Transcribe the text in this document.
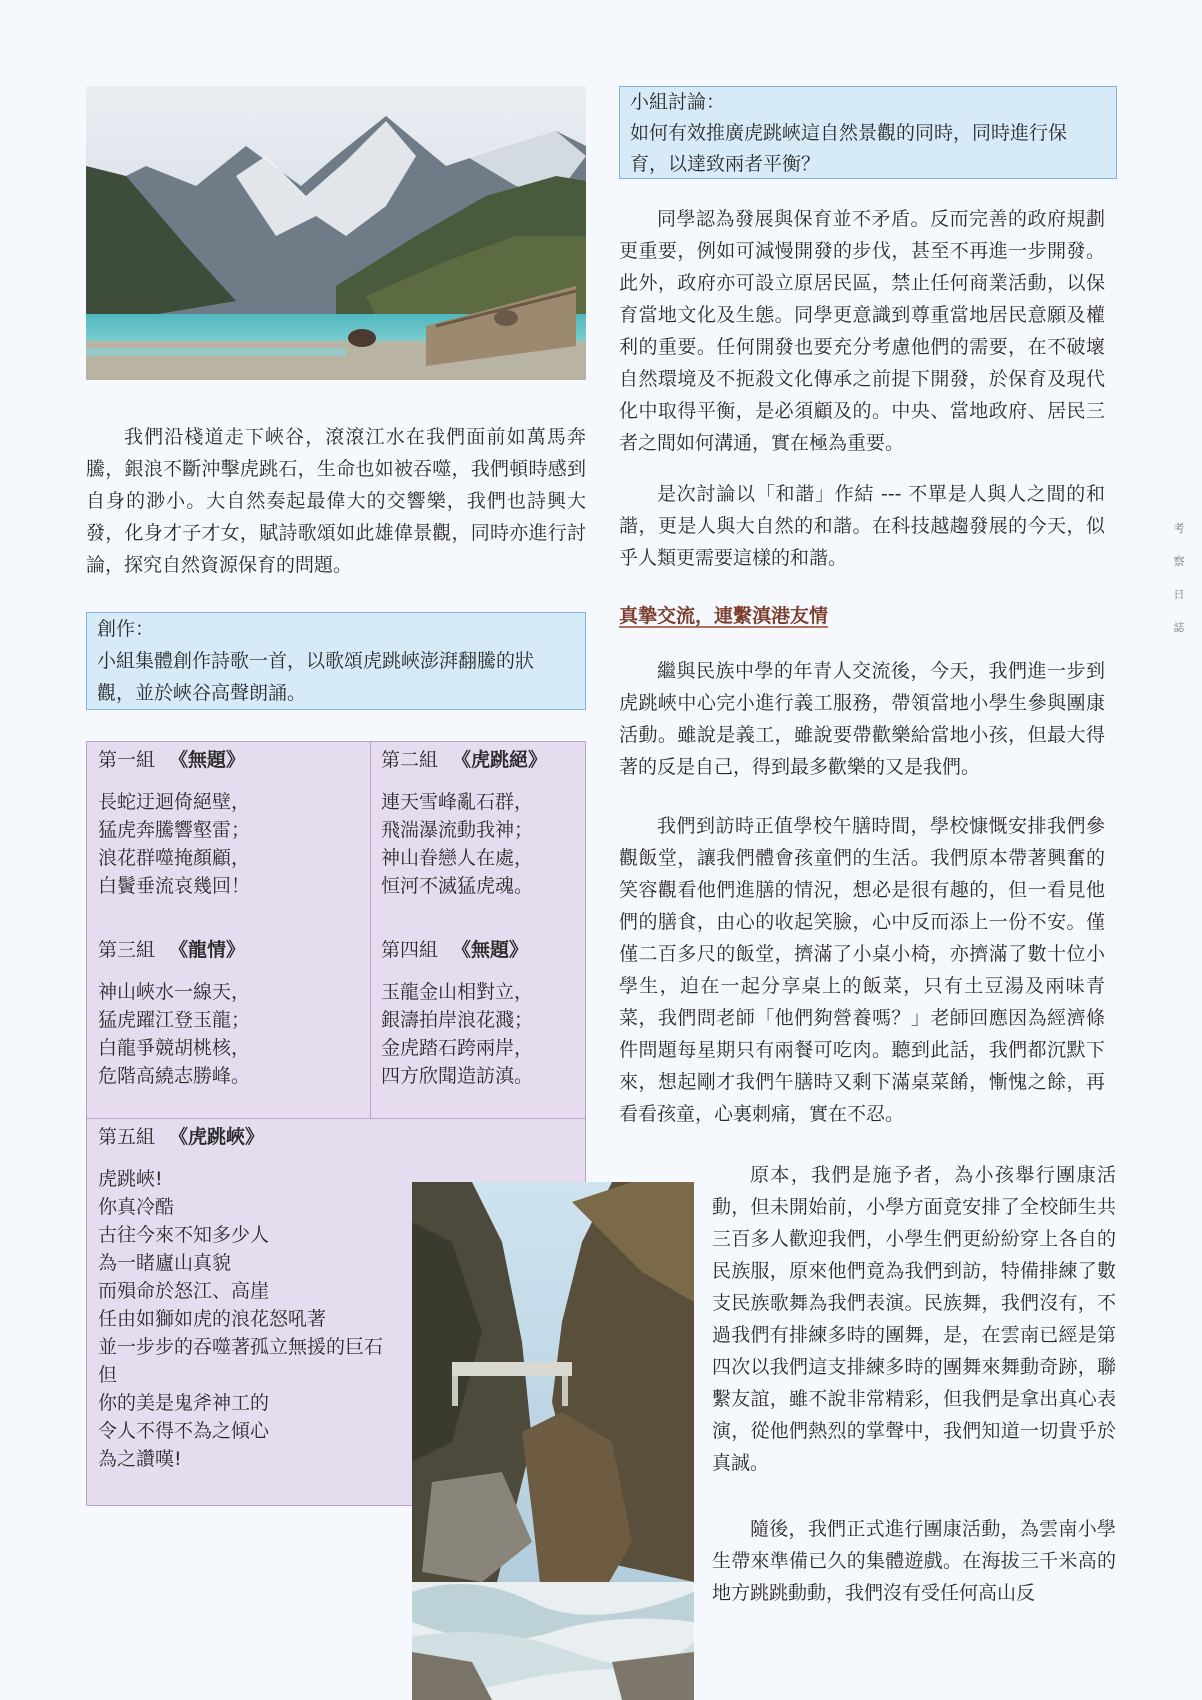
我們沿棧道走下峽谷，滾滾江水在我們面前如萬馬奔騰，銀浪不斷沖擊虎跳石，生命也如被吞噬，我們頓時感到自身的渺小。大自然奏起最偉大的交響樂，我們也詩興大發，化身才子才女，賦詩歌頌如此雄偉景觀，同時亦進行討論，探究自然資源保育的問題。

創作：
小組集體創作詩歌一首，以歌頌虎跳峽澎湃翻騰的狀
觀，並於峽谷高聲朗誦。
第一組 《無題》
長蛇迂迴倚絕壁，
猛虎奔騰響壑雷；
浪花群噬掩顏顧，
白鬢垂流哀幾回！
第二組 《虎跳絕》
連天雪峰亂石群，
飛湍瀑流動我神；
神山眷戀人在處，
恒河不滅猛虎魂。
第三組 《龍情》
神山峽水一線天，
猛虎躍江登玉龍；
白龍爭競胡桃核，
危階高繞志勝峰。
第四組 《無題》
玉龍金山相對立，
銀濤拍岸浪花濺；
金虎踏石跨兩岸，
四方欣聞造訪滇。
第五組 《虎跳峽》
虎跳峽!
你真冷酷
古往今來不知多少人
為一睹廬山真貌
而殞命於怒江、高崖
任由如獅如虎的浪花怒吼著
並一步步的吞噬著孤立無援的巨石
但
你的美是鬼斧神工的
令人不得不為之傾心
為之讚嘆!
小組討論：
如何有效推廣虎跳峽這自然景觀的同時，同時進行保
育，以達致兩者平衡？

同學認為發展與保育並不矛盾。反而完善的政府規劃更重要，例如可減慢開發的步伐，甚至不再進一步開發。此外，政府亦可設立原居民區，禁止任何商業活動，以保育當地文化及生態。同學更意識到尊重當地居民意願及權利的重要。任何開發也要充分考慮他們的需要，在不破壞自然環境及不扼殺文化傳承之前提下開發，於保育及現代化中取得平衡，是必須顧及的。中央、當地政府、居民三者之間如何溝通，實在極為重要。

是次討論以「和諧」作結 --- 不單是人與人之間的和諧，更是人與大自然的和諧。在科技越趨發展的今天，似乎人類更需要這樣的和諧。

真摯交流，連繫滇港友情

繼與民族中學的年青人交流後，今天，我們進一步到虎跳峽中心完小進行義工服務，帶領當地小學生參與團康活動。雖說是義工，雖說要帶歡樂給當地小孩，但最大得著的反是自己，得到最多歡樂的又是我們。

我們到訪時正值學校午膳時間，學校慷慨安排我們參觀飯堂，讓我們體會孩童們的生活。我們原本帶著興奮的笑容觀看他們進膳的情況，想必是很有趣的，但一看見他們的膳食，由心的收起笑臉，心中反而添上一份不安。僅僅二百多尺的飯堂，擠滿了小桌小椅，亦擠滿了數十位小學生，迫在一起分享桌上的飯菜，只有土豆湯及兩味青菜，我們問老師「他們夠營養嗎？」老師回應因為經濟條件問題每星期只有兩餐可吃肉。聽到此話，我們都沉默下來，想起剛才我們午膳時又剩下滿桌菜餚，慚愧之餘，再看看孩童，心裏刺痛，實在不忍。

原本，我們是施予者，為小孩舉行團康活動，但未開始前，小學方面竟安排了全校師生共三百多人歡迎我們，小學生們更紛紛穿上各自的民族服，原來他們竟為我們到訪，特備排練了數支民族歌舞為我們表演。民族舞，我們沒有，不過我們有排練多時的團舞，是，在雲南已經是第四次以我們這支排練多時的團舞來舞動奇跡，聯繫友誼，雖不說非常精彩，但我們是拿出真心表演，從他們熱烈的掌聲中，我們知道一切貴乎於真誠。

隨後，我們正式進行團康活動，為雲南小學生帶來準備已久的集體遊戲。在海拔三千米高的地方跳跳動動，我們沒有受任何高山反

考
察
日
誌
